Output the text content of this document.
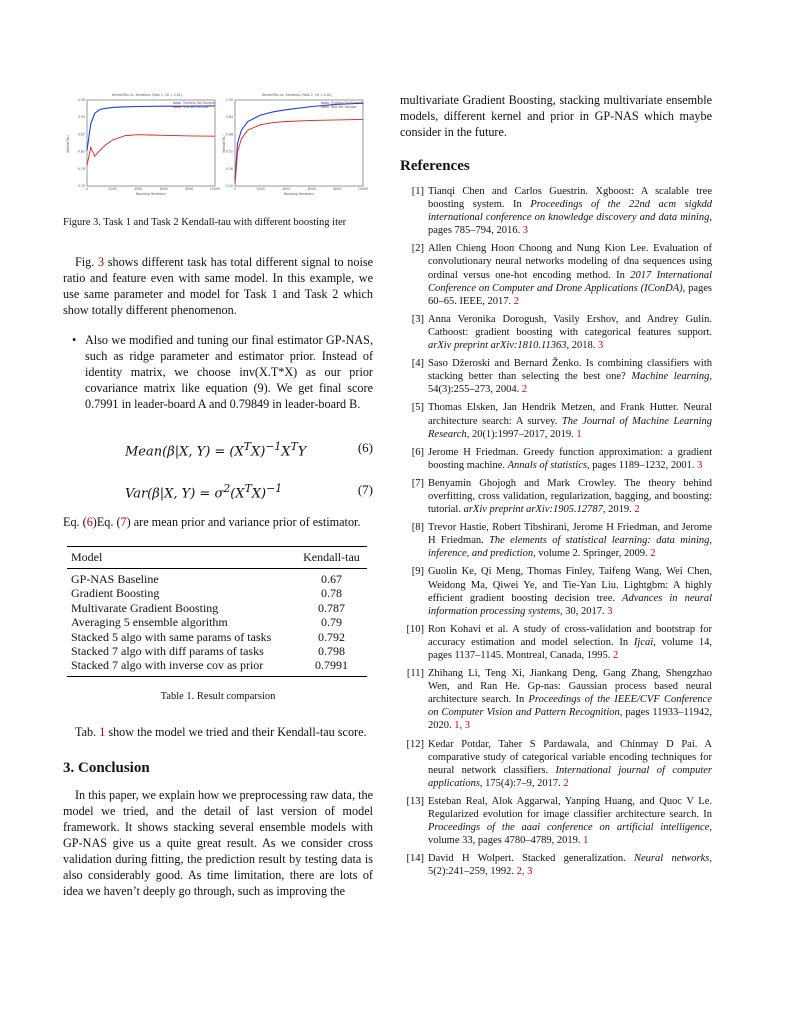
KendallTau vs. Iterations (Task 1, LR = 0.01)
0	2000	4000	6000	8000	10000
0.70
0.76
0.82
0.87
0.93
0.99
Training Set Sample
Test Set Sample
Boosting Iterations
KendallTau
KendallTau vs. Iterations (Task 2, LR = 0.01)
0	2000	4000	6000	8000	10000
0.20
0.36
0.52
0.68
0.84
1.00
Training Set Sample
Test Set Sample
Boosting Iterations
KendallTau
Figure 3. Task 1 and Task 2 Kendall-tau with different boosting iter

Fig. 3 shows different task has total different signal to noise ratio and feature even with same model. In this example, we use same parameter and model for Task 1 and Task 2 which show totally different phenomenon.

• Also we modified and tuning our final estimator GP-NAS, such as ridge parameter and estimator prior. Instead of identity matrix, we choose inv(X.T*X) as our prior covariance matrix like equation (9). We get final score 0.7991 in leader-board A and 0.79849 in leader-board B.
Mean(β|X, $Y) = (X^TX)^{-1}X^TY$	(6)
Var(β|X, $Y) = \sigma^2(X^TX)^{-1}$	(7)

Eq. (6)Eq. (7) are mean prior and variance prior of estimator.

Model	Kendall-tau
GP-NAS Baseline	0.67
Gradient Boosting	0.78
Multivarate Gradient Boosting	0.787
Averaging 5 ensemble algorithm	0.79
Stacked 5 algo with same params of tasks	0.792
Stacked 7 algo with diff params of tasks	0.798
Stacked 7 algo with inverse cov as prior	0.7991
Table 1. Result comparsion

Tab. 1 show the model we tried and their Kendall-tau score.

3. Conclusion

In this paper, we explain how we preprocessing raw data, the model we tried, and the detail of last version of model framework. It shows stacking several ensemble models with GP-NAS give us a quite great result. As we consider cross validation during fitting, the prediction result by testing data is also considerably good. As time limitation, there are lots of idea we haven’t deeply go through, such as improving the

multivariate Gradient Boosting, stacking multivariate ensemble models, different kernel and prior in GP-NAS which maybe consider in the future.

References
[1] Tianqi Chen and Carlos Guestrin. Xgboost: A scalable tree boosting system. In Proceedings of the 22nd acm sigkdd international conference on knowledge discovery and data mining, pages 785–794, 2016. 3
[2] Allen Chieng Hoon Choong and Nung Kion Lee. Evaluation of convolutionary neural networks modeling of dna sequences using ordinal versus one-hot encoding method. In 2017 International Conference on Computer and Drone Applications (IConDA), pages 60–65. IEEE, 2017. 2
[3] Anna Veronika Dorogush, Vasily Ershov, and Andrey Gulin. Catboost: gradient boosting with categorical features support. arXiv preprint arXiv:1810.11363, 2018. 3
[4] Saso Džeroski and Bernard Ženko. Is combining classifiers with stacking better than selecting the best one? Machine learning, 54(3):255–273, 2004. 2
[5] Thomas Elsken, Jan Hendrik Metzen, and Frank Hutter. Neural architecture search: A survey. The Journal of Machine Learning Research, 20(1):1997–2017, 2019. 1
[6] Jerome H Friedman. Greedy function approximation: a gradient boosting machine. Annals of statistics, pages 1189–1232, 2001. 3
[7] Benyamin Ghojogh and Mark Crowley. The theory behind overfitting, cross validation, regularization, bagging, and boosting: tutorial. arXiv preprint arXiv:1905.12787, 2019. 2
[8] Trevor Hastie, Robert Tibshirani, Jerome H Friedman, and Jerome H Friedman. The elements of statistical learning: data mining, inference, and prediction, volume 2. Springer, 2009. 2
[9] Guolin Ke, Qi Meng, Thomas Finley, Taifeng Wang, Wei Chen, Weidong Ma, Qiwei Ye, and Tie-Yan Liu. Lightgbm: A highly efficient gradient boosting decision tree. Advances in neural information processing systems, 30, 2017. 3
[10] Ron Kohavi et al. A study of cross-validation and bootstrap for accuracy estimation and model selection. In Ijcai, volume 14, pages 1137–1145. Montreal, Canada, 1995. 2
[11] Zhihang Li, Teng Xi, Jiankang Deng, Gang Zhang, Shengzhao Wen, and Ran He. Gp-nas: Gaussian process based neural architecture search. In Proceedings of the IEEE/CVF Conference on Computer Vision and Pattern Recognition, pages 11933–11942, 2020. 1, 3
[12] Kedar Potdar, Taher S Pardawala, and Chinmay D Pai. A comparative study of categorical variable encoding techniques for neural network classifiers. International journal of computer applications, 175(4):7–9, 2017. 2
[13] Esteban Real, Alok Aggarwal, Yanping Huang, and Quoc V Le. Regularized evolution for image classifier architecture search. In Proceedings of the aaai conference on artificial intelligence, volume 33, pages 4780–4789, 2019. 1
[14] David H Wolpert. Stacked generalization. Neural networks, 5(2):241–259, 1992. 2, 3
